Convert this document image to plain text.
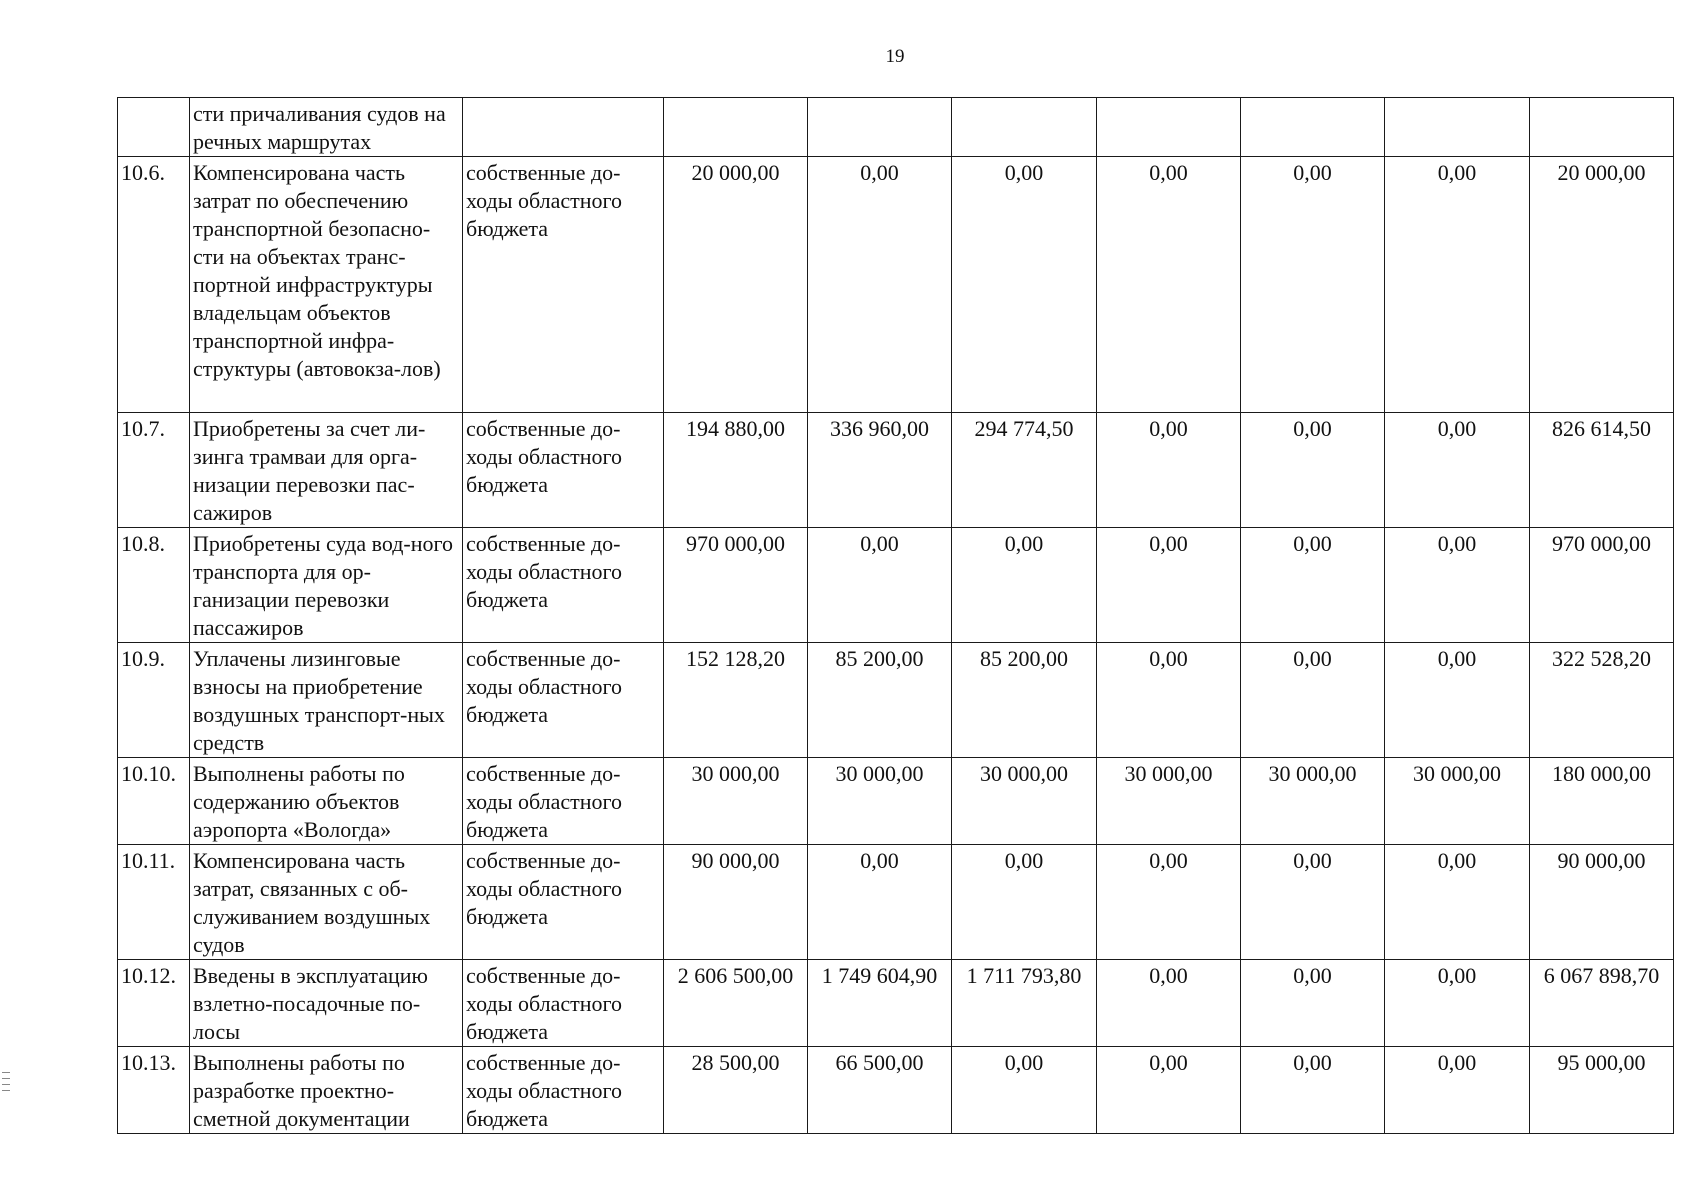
19
	сти причаливания судов на речных маршрутах								
10.6.	Компенсирована часть затрат по обеспечению транспортной безопасно-сти на объектах транс-портной инфраструктуры владельцам объектов транспортной инфра-структуры (автовокза-лов)	собственные до-ходы областного бюджета	20 000,00	0,00	0,00	0,00	0,00	0,00	20 000,00
10.7.	Приобретены за счет ли-зинга трамваи для орга-низации перевозки пас-сажиров	собственные до-ходы областного бюджета	194 880,00	336 960,00	294 774,50	0,00	0,00	0,00	826 614,50
10.8.	Приобретены суда вод-ного транспорта для ор-ганизации перевозки пассажиров	собственные до-ходы областного бюджета	970 000,00	0,00	0,00	0,00	0,00	0,00	970 000,00
10.9.	Уплачены лизинговые взносы на приобретение воздушных транспорт-ных средств	собственные до-ходы областного бюджета	152 128,20	85 200,00	85 200,00	0,00	0,00	0,00	322 528,20
10.10.	Выполнены работы по содержанию объектов аэропорта «Вологда»	собственные до-ходы областного бюджета	30 000,00	30 000,00	30 000,00	30 000,00	30 000,00	30 000,00	180 000,00
10.11.	Компенсирована часть затрат, связанных с об-служиванием воздушных судов	собственные до-ходы областного бюджета	90 000,00	0,00	0,00	0,00	0,00	0,00	90 000,00
10.12.	Введены в эксплуатацию взлетно-посадочные по-лосы	собственные до-ходы областного бюджета	2 606 500,00	1 749 604,90	1 711 793,80	0,00	0,00	0,00	6 067 898,70
10.13.	Выполнены работы по разработке проектно-сметной документации	собственные до-ходы областного бюджета	28 500,00	66 500,00	0,00	0,00	0,00	0,00	95 000,00
